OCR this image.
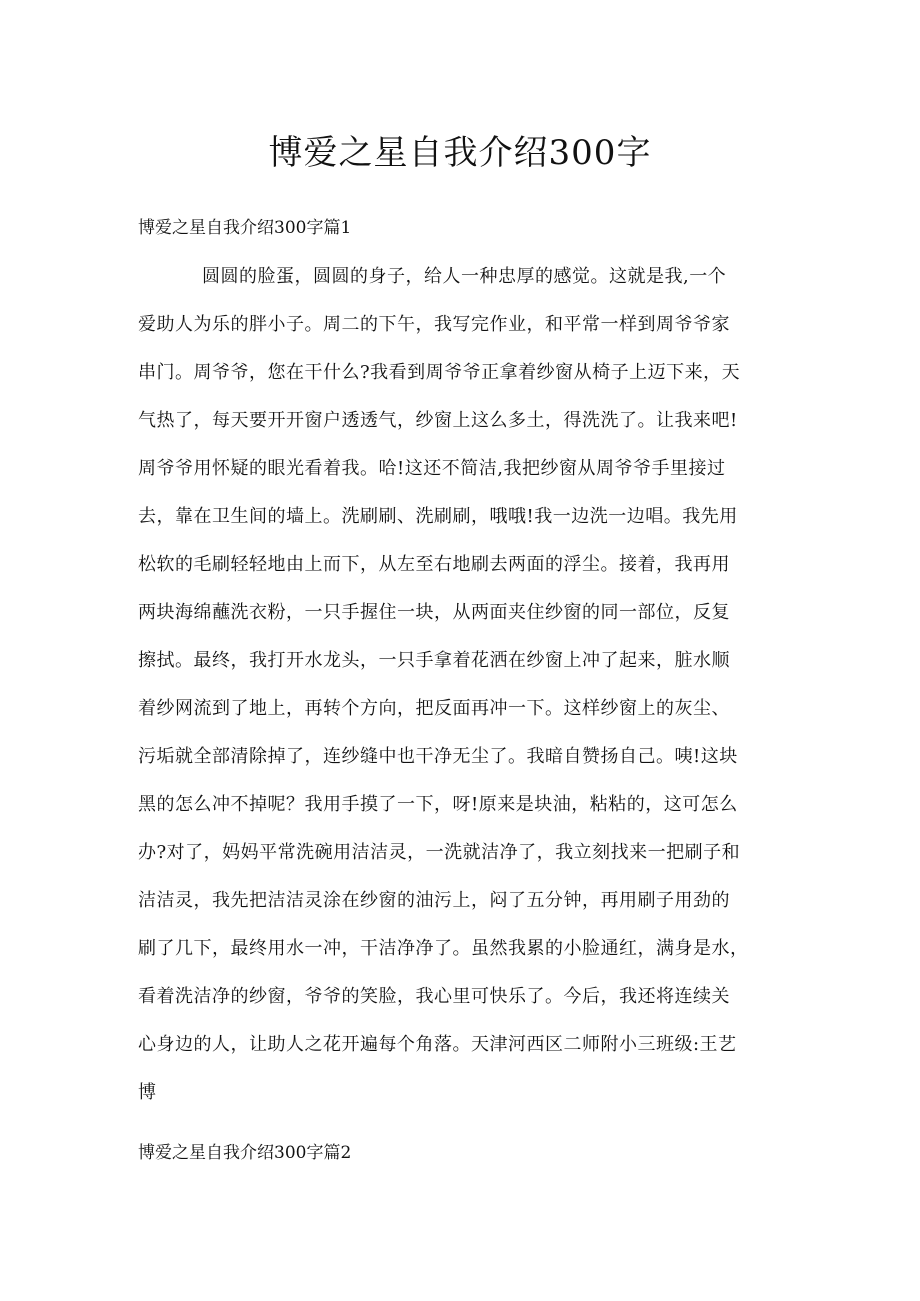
博爱之星自我介绍300字
博爱之星自我介绍300字篇1

圆圆的脸蛋，圆圆的身子，给人一种忠厚的感觉。这就是我,一个

爱助人为乐的胖小子。周二的下午，我写完作业，和平常一样到周爷爷家

串门。周爷爷，您在干什么?我看到周爷爷正拿着纱窗从椅子上迈下来，天

气热了，每天要开开窗户透透气，纱窗上这么多土，得洗洗了。让我来吧!

周爷爷用怀疑的眼光看着我。哈!这还不简洁,我把纱窗从周爷爷手里接过

去，靠在卫生间的墙上。洗刷刷、洗刷刷，哦哦!我一边洗一边唱。我先用

松软的毛刷轻轻地由上而下，从左至右地刷去两面的浮尘。接着，我再用

两块海绵蘸洗衣粉，一只手握住一块，从两面夹住纱窗的同一部位，反复

擦拭。最终，我打开水龙头，一只手拿着花洒在纱窗上冲了起来，脏水顺

着纱网流到了地上，再转个方向，把反面再冲一下。这样纱窗上的灰尘、

污垢就全部清除掉了，连纱缝中也干净无尘了。我暗自赞扬自己。咦!这块

黑的怎么冲不掉呢？我用手摸了一下，呀!原来是块油，粘粘的，这可怎么

办?对了，妈妈平常洗碗用洁洁灵，一洗就洁净了，我立刻找来一把刷子和

洁洁灵，我先把洁洁灵涂在纱窗的油污上，闷了五分钟，再用刷子用劲的

刷了几下，最终用水一冲，干洁净净了。虽然我累的小脸通红，满身是水，

看着洗洁净的纱窗，爷爷的笑脸，我心里可快乐了。今后，我还将连续关

心身边的人，让助人之花开遍每个角落。天津河西区二师附小三班级:王艺

博

博爱之星自我介绍300字篇2
